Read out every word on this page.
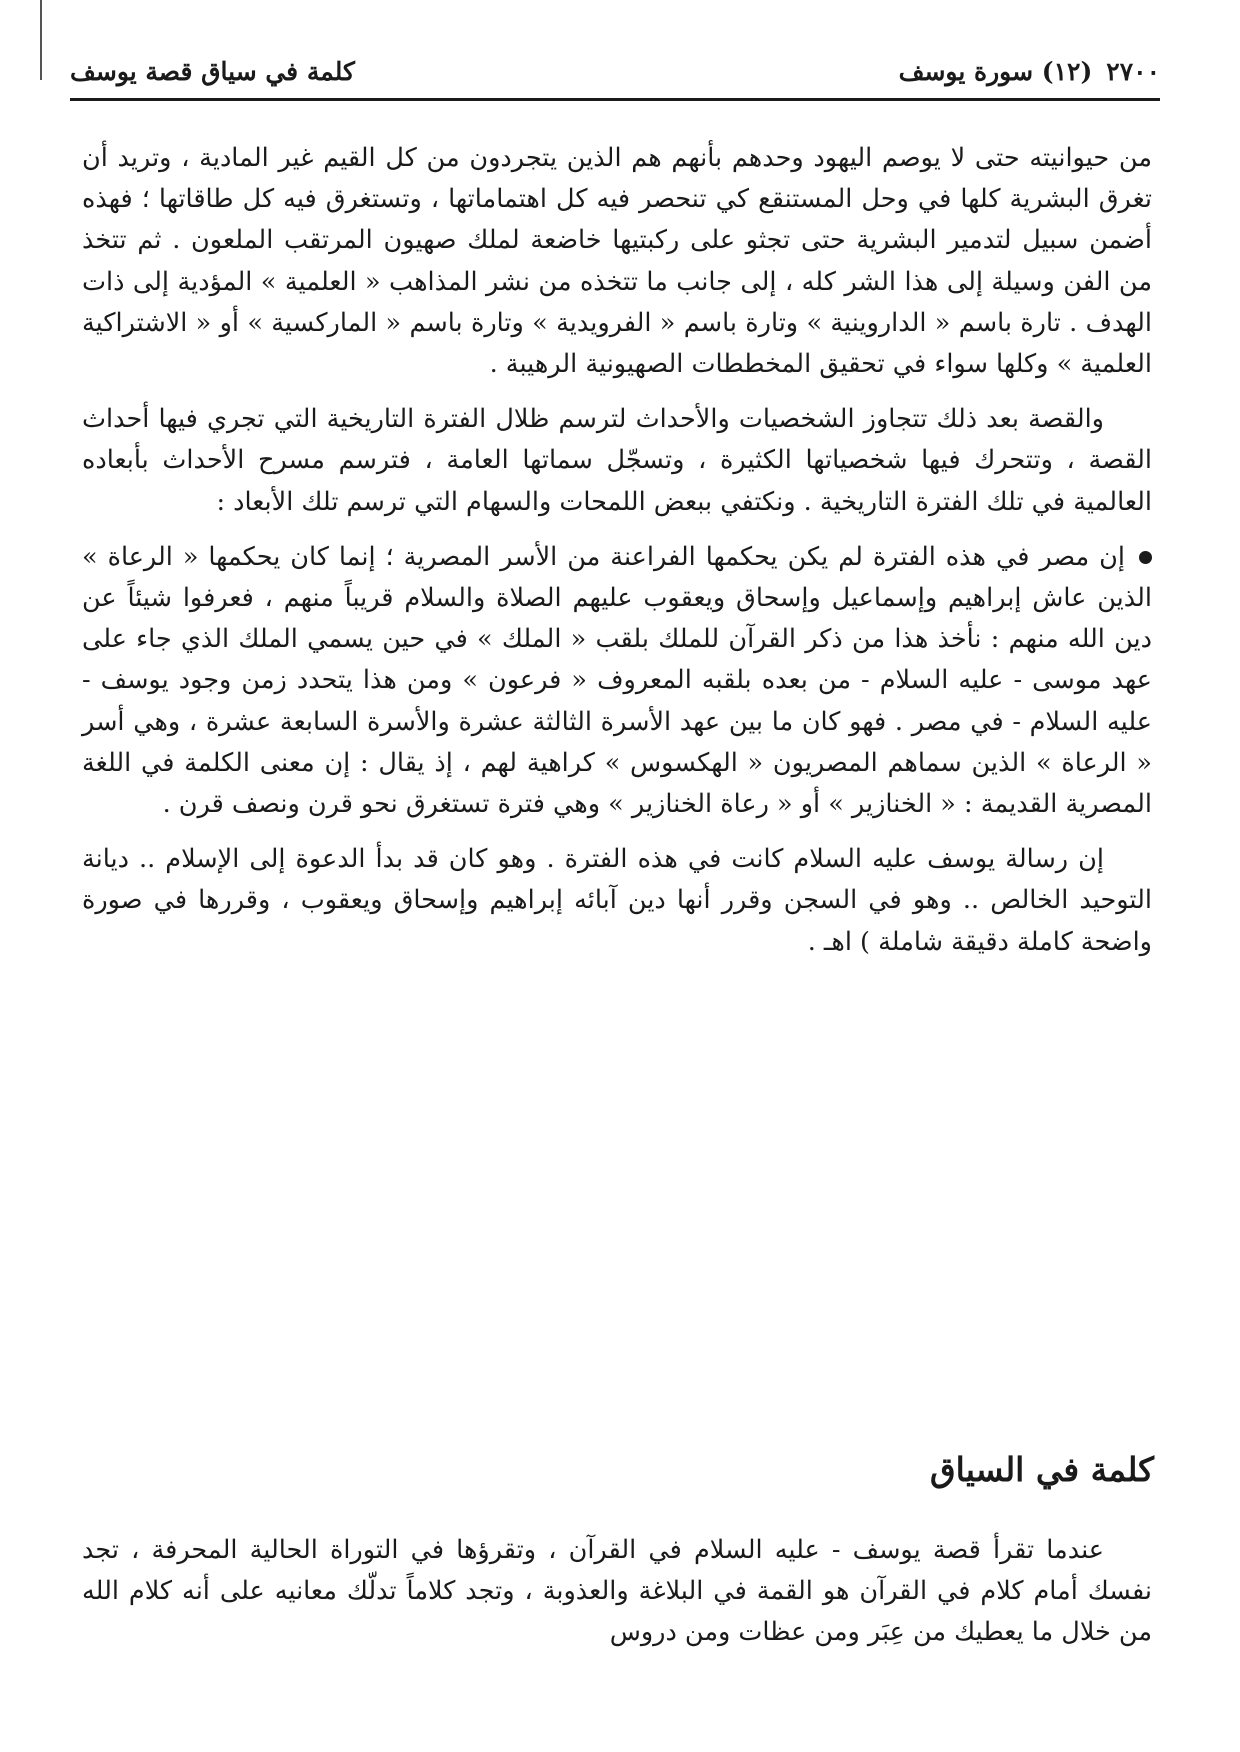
٢٧٠٠
(١٢) سورة يوسف
كلمة في سياق قصة يوسف

من حيوانيته حتى لا يوصم اليهود وحدهم بأنهم هم الذين يتجردون من كل القيم غير المادية ، وتريد أن تغرق البشرية كلها في وحل المستنقع كي تنحصر فيه كل اهتماماتها ، وتستغرق فيه كل طاقاتها ؛ فهذه أضمن سبيل لتدمير البشرية حتى تجثو على ركبتيها خاضعة لملك صهيون المرتقب الملعون . ثم تتخذ من الفن وسيلة إلى هذا الشر كله ، إلى جانب ما تتخذه من نشر المذاهب « العلمية » المؤدية إلى ذات الهدف . تارة باسم « الداروينية » وتارة باسم « الفرويدية » وتارة باسم « الماركسية » أو « الاشتراكية العلمية » وكلها سواء في تحقيق المخططات الصهيونية الرهيبة .

والقصة بعد ذلك تتجاوز الشخصيات والأحداث لترسم ظلال الفترة التاريخية التي تجري فيها أحداث القصة ، وتتحرك فيها شخصياتها الكثيرة ، وتسجّل سماتها العامة ، فترسم مسرح الأحداث بأبعاده العالمية في تلك الفترة التاريخية . ونكتفي ببعض اللمحات والسهام التي ترسم تلك الأبعاد :

إن مصر في هذه الفترة لم يكن يحكمها الفراعنة من الأسر المصرية ؛ إنما كان يحكمها « الرعاة » الذين عاش إبراهيم وإسماعيل وإسحاق ويعقوب عليهم الصلاة والسلام قريباً منهم ، فعرفوا شيئاً عن دين الله منهم : نأخذ هذا من ذكر القرآن للملك بلقب « الملك » في حين يسمي الملك الذي جاء على عهد موسى - عليه السلام - من بعده بلقبه المعروف « فرعون » ومن هذا يتحدد زمن وجود يوسف - عليه السلام - في مصر . فهو كان ما بين عهد الأسرة الثالثة عشرة والأسرة السابعة عشرة ، وهي أسر « الرعاة » الذين سماهم المصريون « الهكسوس » كراهية لهم ، إذ يقال : إن معنى الكلمة في اللغة المصرية القديمة : « الخنازير » أو « رعاة الخنازير » وهي فترة تستغرق نحو قرن ونصف قرن .

إن رسالة يوسف عليه السلام كانت في هذه الفترة . وهو كان قد بدأ الدعوة إلى الإسلام .. ديانة التوحيد الخالص .. وهو في السجن وقرر أنها دين آبائه إبراهيم وإسحاق ويعقوب ، وقررها في صورة واضحة كاملة دقيقة شاملة ) اهـ .

كلمة في السياق

عندما تقرأ قصة يوسف - عليه السلام في القرآن ، وتقرؤها في التوراة الحالية المحرفة ، تجد نفسك أمام كلام في القرآن هو القمة في البلاغة والعذوبة ، وتجد كلاماً تدلّك معانيه على أنه كلام الله من خلال ما يعطيك من عِبَر ومن عظات ومن دروس
